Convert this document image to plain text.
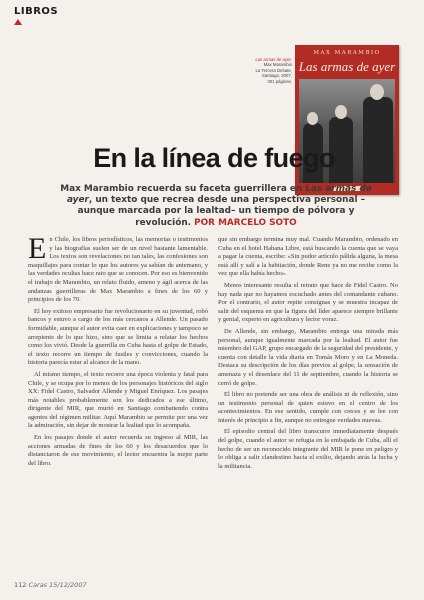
LIBROS
Las armas de ayer.
Max Marambio
La Tercera Debate,
Santiago, 2007,
301 páginas.
MAX MARAMBIO
Las armas de ayer
En la línea de fuego
Max Marambio recuerda su faceta guerrillera en Las armas de ayer, un texto que recrea desde una perspectiva personal –aunque marcada por la lealtad– un tiempo de pólvora y revolución. POR MARCELO SOTO

En Chile, los libros periodísticos, las memorias o testimonios y las biografías suelen ser de un nivel bastante lamentable. Los textos son revelaciones no tan tales, las confesiones son maquillajes para contar lo que los autores ya sabían de antemano, y las verdades ocultas hace rato que se conocen. Por eso es bienvenido el trabajo de Marambio, un relato fluido, ameno y ágil acerca de las andanzas guerrilleras de Max Marambio a fines de los 60 y principios de los 70.

El hoy exitoso empresario fue revolucionario en su juventud, robó bancos y estuvo a cargo de los más cercanos a Allende. Un pasado formidable, aunque el autor evita caer en explicaciones y tampoco se arrepiente de lo que hizo, sino que se limita a relatar los hechos como los vivió. Desde la guerrilla en Cuba hasta el golpe de Estado, el texto recorre un tiempo de fusiles y convicciones, cuando la historia parecía estar al alcance de la mano.

Al mismo tiempo, el texto recorre una época violenta y fatal para Chile, y se ocupa por lo menos de los personajes históricos del siglo XX: Fidel Castro, Salvador Allende y Miguel Enríquez. Los pasajes más notables probablemente son los dedicados a ese último, dirigente del MIR, que murió en Santiago combatiendo contra agentes del régimen militar. Aquí Marambio se permite por una vez la admiración, sin dejar de mostrar la lealtad que lo acompaña.

En los pasajes donde el autor recuerda su ingreso al MIR, las acciones armadas de fines de los 60 y los desacuerdos que lo distanciaron de ese movimiento, el lector encuentra la mejor parte del libro.

que sin embargo termina muy mal. Cuando Marambio, ordenado en Cuba en el hotel Habana Libre, está buscando la cuenta que se vaya a pagar la cuenta, escribe: «Sin pudor artículo pálida alguna, la mesa está allí y salí a la habitación, donde Rene ya no me recibe como la vez que ella había hecho».

Menos interesante resulta el retrato que hace de Fidel Castro. No hay nada que no hayamos escuchado antes del comandante cubano. Por el contrario, el autor repite consignas y se muestra incapaz de salir del esquema en que la figura del líder aparece siempre brillante y genial, experto en agricultura y lector voraz.

De Allende, sin embargo, Marambio entrega una mirada más personal, aunque igualmente marcada por la lealtad. El autor fue miembro del GAP, grupo encargado de la seguridad del presidente, y cuenta con detalle la vida diaria en Tomás Moro y en La Moneda. Destaca su descripción de los días previos al golpe, la sensación de amenaza y el desenlace del 11 de septiembre, cuando la historia se cerró de golpe.

El libro no pretende ser una obra de análisis ni de reflexión, sino un testimonio personal de quien estuvo en el centro de los acontecimientos. En ese sentido, cumple con creces y se lee con interés de principio a fin, aunque no entregue verdades nuevas.

El episodio central del libro transcurre inmediatamente después del golpe, cuando el autor se refugia en la embajada de Cuba, allí el hecho de ser un reconocido integrante del MIR le pone en peligro y lo obliga a salir clandestino hacia el exilio, dejando atrás la lucha y la militancia.

112 Caras 15/12/2007
